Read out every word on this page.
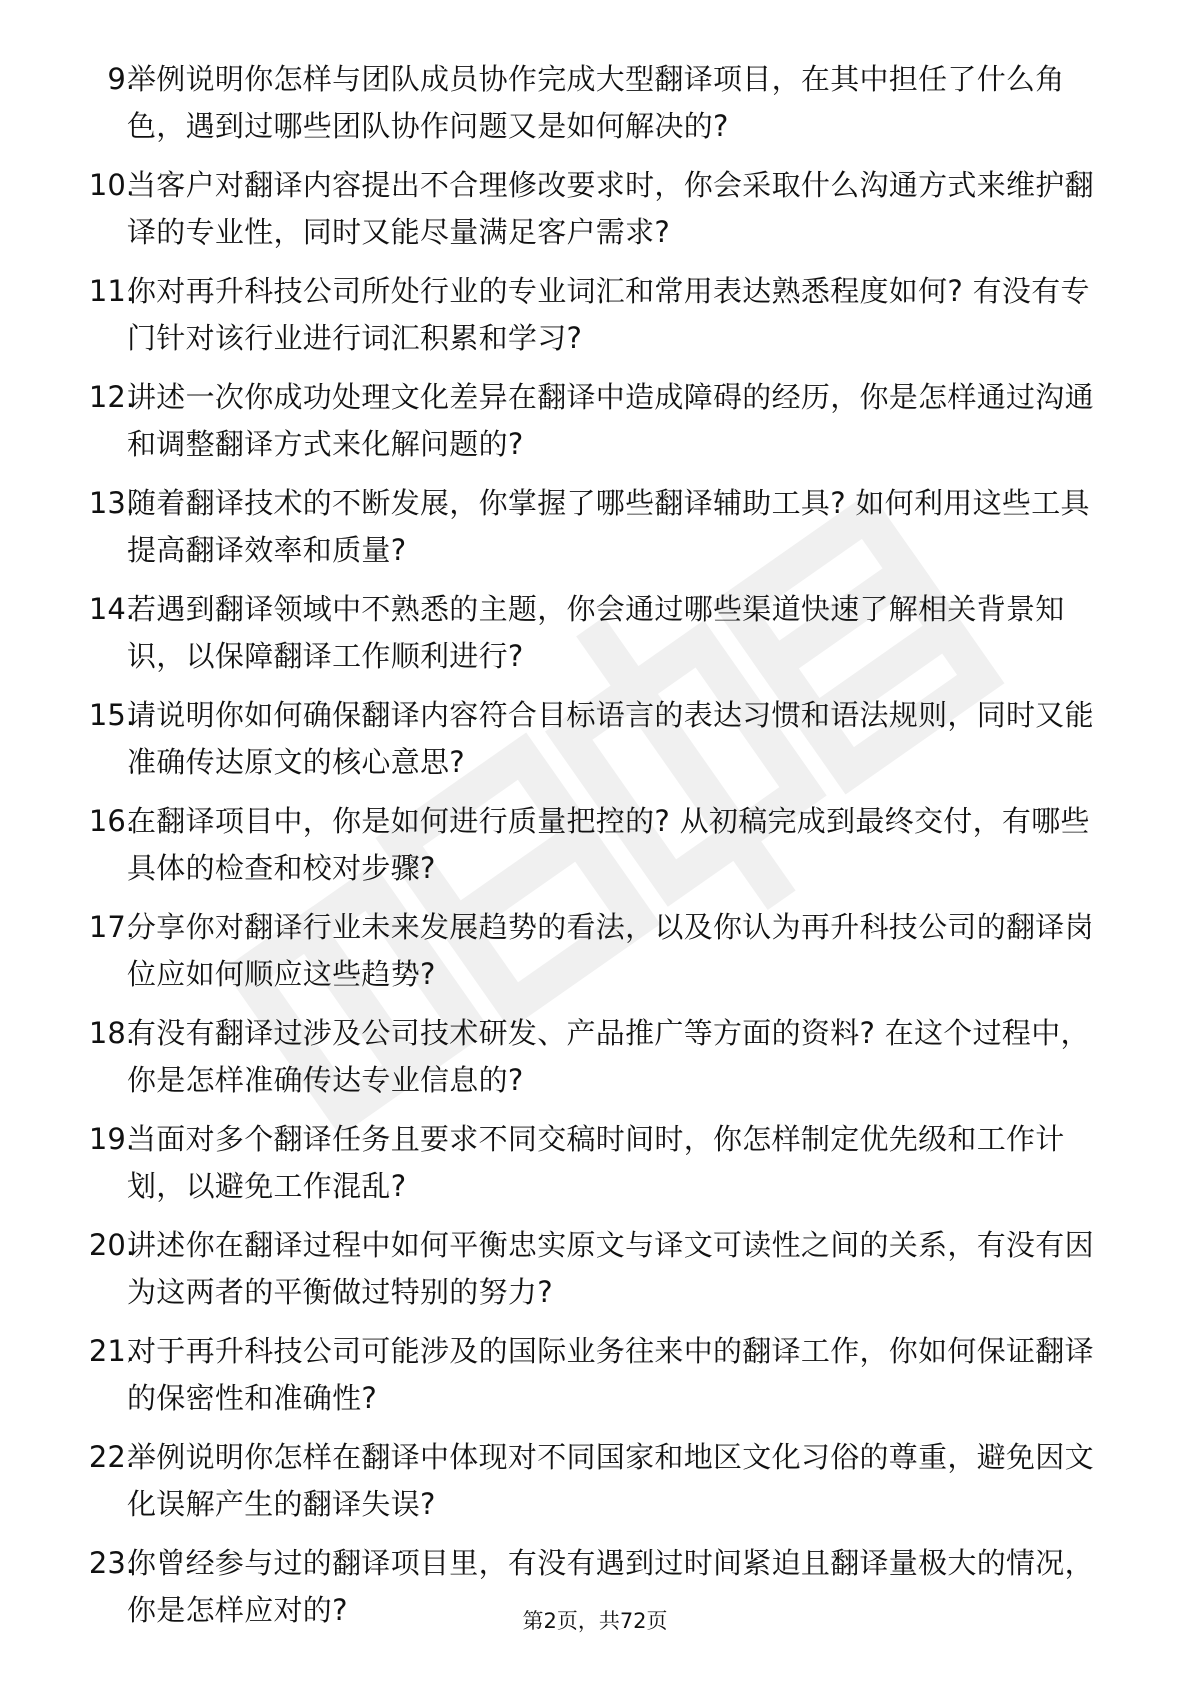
9.
举例说明你怎样与团队成员协作完成大型翻译项目，在其中担任了什么角色，遇到过哪些团队协作问题又是如何解决的?
10.
当客户对翻译内容提出不合理修改要求时，你会采取什么沟通方式来维护翻译的专业性，同时又能尽量满足客户需求?
11.
你对再升科技公司所处行业的专业词汇和常用表达熟悉程度如何? 有没有专门针对该行业进行词汇积累和学习?
12.
讲述一次你成功处理文化差异在翻译中造成障碍的经历，你是怎样通过沟通和调整翻译方式来化解问题的?
13.
随着翻译技术的不断发展，你掌握了哪些翻译辅助工具? 如何利用这些工具提高翻译效率和质量?
14.
若遇到翻译领域中不熟悉的主题，你会通过哪些渠道快速了解相关背景知识，以保障翻译工作顺利进行?
15.
请说明你如何确保翻译内容符合目标语言的表达习惯和语法规则，同时又能准确传达原文的核心意思?
16.
在翻译项目中，你是如何进行质量把控的? 从初稿完成到最终交付，有哪些具体的检查和校对步骤?
17.
分享你对翻译行业未来发展趋势的看法，以及你认为再升科技公司的翻译岗位应如何顺应这些趋势?
18.
有没有翻译过涉及公司技术研发、产品推广等方面的资料? 在这个过程中，你是怎样准确传达专业信息的?
19.
当面对多个翻译任务且要求不同交稿时间时，你怎样制定优先级和工作计划，以避免工作混乱?
20.
讲述你在翻译过程中如何平衡忠实原文与译文可读性之间的关系，有没有因为这两者的平衡做过特别的努力?
21.
对于再升科技公司可能涉及的国际业务往来中的翻译工作，你如何保证翻译的保密性和准确性?
22.
举例说明你怎样在翻译中体现对不同国家和地区文化习俗的尊重，避免因文化误解产生的翻译失误?
23.
你曾经参与过的翻译项目里，有没有遇到过时间紧迫且翻译量极大的情况，你是怎样应对的?	第2页，共72页
